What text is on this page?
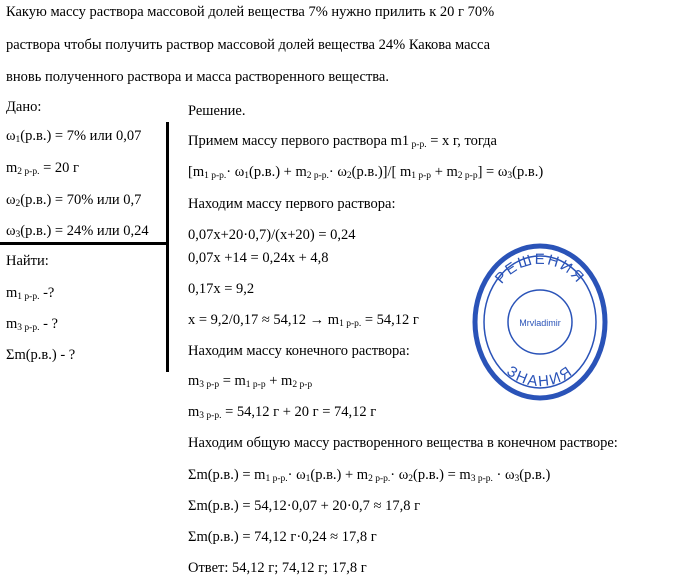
Какую массу раствора массовой долей вещества 7% нужно прилить к 20 г 70%
раствора чтобы получить раствор массовой долей вещества 24% Какова масса
вновь полученного раствора и масса растворенного вещества.
Дано:
$\omega_1(р.в.) = 7\%$ или 0,07
$m_2$ $_{р-р.}$ = 20 г
$\omega_2(р.в.) = 70\%$ или 0,7
$\omega_3(р.в.) = 24\%$ или 0,24
Найти:
$m_1$ $_{р-р.}$ -?
$m_3$ $_{р-р.}$ - ?
Σm(р.в.) - ?
Решение.
Примем массу первого раствора m1 $_{р-р.}$ = х г, тогда
$[m_{1 р-р.}\cdot \omega_1(р.в.) + m_{2 р-р.}\cdot \omega_2(р.в.)]/$[ $m_{1 р-р} + m_{2 р-р}] = \omega_3(р.в.)$
Находим массу первого раствора:
0,07х+20·0,7)/(х+20) = 0,24
0,07х +14 = 0,24х + 4,8
0,17х = 9,2
$х = 9,2/0,17 \approx 54,12 \to m_{1 р-р.} = 54,12$ г
Находим массу конечного раствора:
$m_{3 р-р} = m_{1 р-р} + m_{2 р-р}$
$m_{3 р-р.} = 54,12$ г + 20 г = 74,12 г
Находим общую массу растворенного вещества в конечном растворе:
$\Sigma m(р.в.) = m_{1 р-р.}\cdot \omega_1(р.в.) + m_{2 р-р.}\cdot \omega_2(р.в.) = m_{3 р-р.} \cdot \omega_3(р.в.)$
Σm(р.в.) = 54,12·0,07 + 20·0,7 ≈ 17,8 г
Σm(р.в.) = 74,12 г·0,24 ≈ 17,8 г
Ответ: 54,12 г; 74,12 г; 17,8 г
РЕШЕНИЯ
ЗНАНИЯ
Mrvladimir
